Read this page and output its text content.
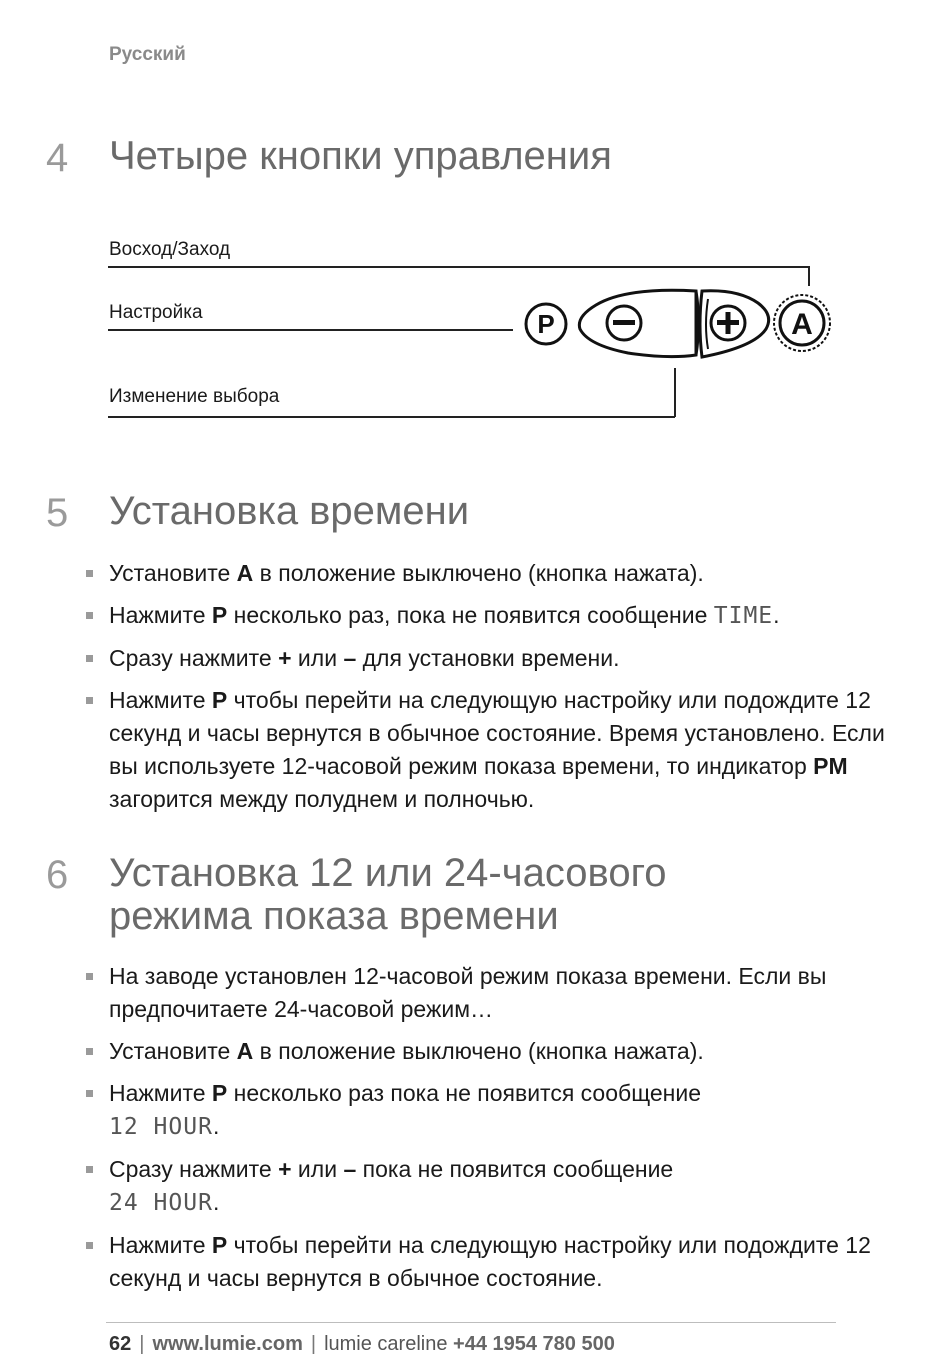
Русский
4 Четыре кнопки управления
Восход/Заход
Настройка
Изменение выбора
P	A
5 Установка времени
Установите A в положение выключено (кнопка нажата).
Нажмите P несколько раз, пока не появится сообщение TIME.
Сразу нажмите + или – для установки времени.
Нажмите P чтобы перейти на следующую настройку или подождите 12 секунд и часы вернутся в обычное состояние. Время установлено. Если вы используете 12-часовой режим показа времени, то индикатор PM загорится между полуднем и полночью.
6 Установка 12 или 24-часового
режима показа времени
На заводе установлен 12-часовой режим показа времени. Если вы предпочитаете 24-часовой режим…
Установите A в положение выключено (кнопка нажата).
Нажмите P несколько раз пока не появится сообщение
12 HOUR.
Сразу нажмите + или – пока не появится сообщение
24 HOUR.
Нажмите P чтобы перейти на следующую настройку или подождите 12 секунд и часы вернутся в обычное состояние.
62 | www.lumie.com | lumie careline +44 1954 780 500
